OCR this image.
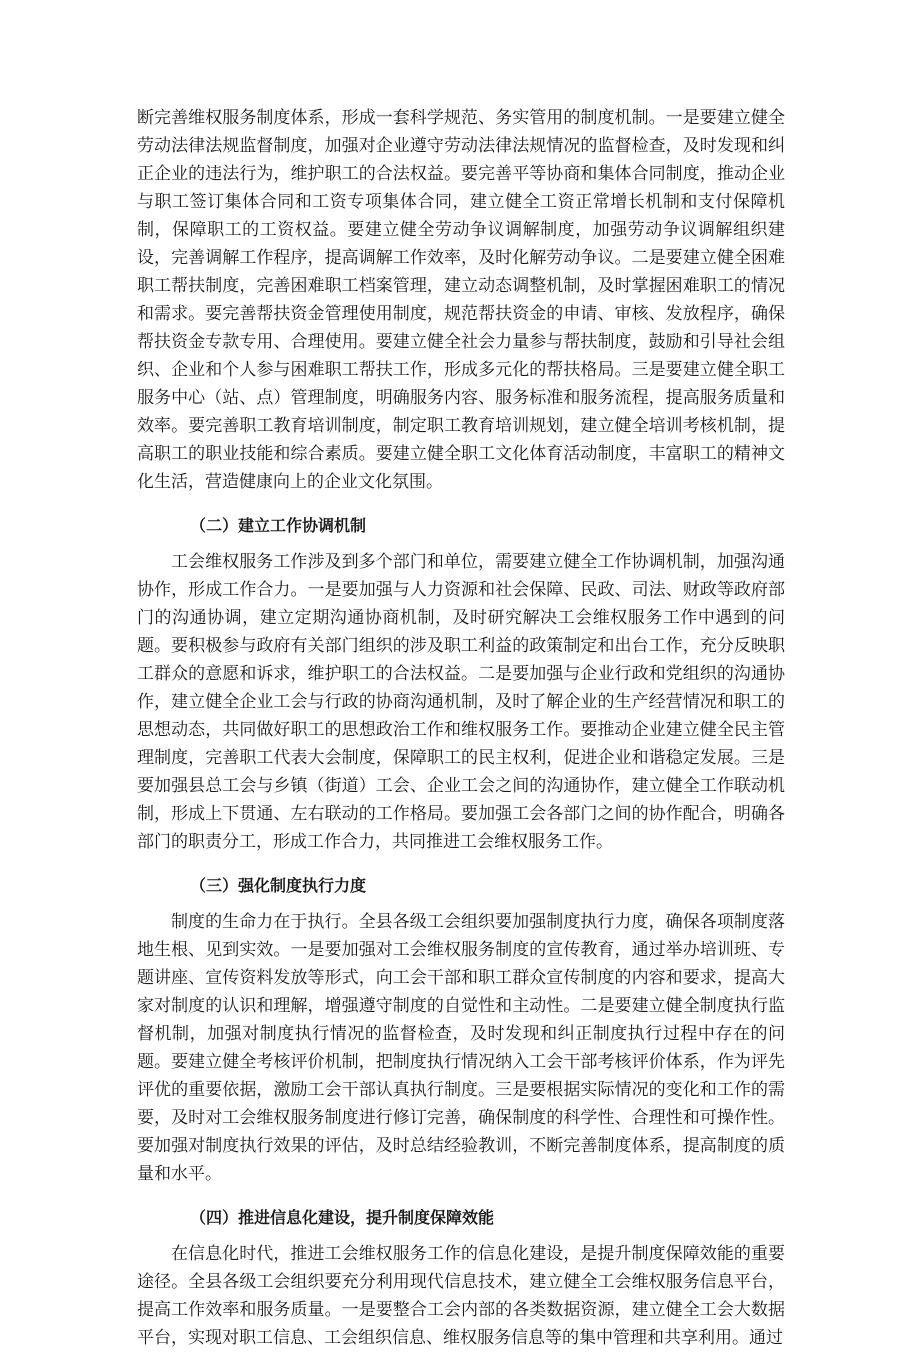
断完善维权服务制度体系，形成一套科学规范、务实管用的制度机制。一是要建立健全劳动法律法规监督制度，加强对企业遵守劳动法律法规情况的监督检查，及时发现和纠正企业的违法行为，维护职工的合法权益。要完善平等协商和集体合同制度，推动企业与职工签订集体合同和工资专项集体合同，建立健全工资正常增长机制和支付保障机制，保障职工的工资权益。要建立健全劳动争议调解制度，加强劳动争议调解组织建设，完善调解工作程序，提高调解工作效率，及时化解劳动争议。二是要建立健全困难职工帮扶制度，完善困难职工档案管理，建立动态调整机制，及时掌握困难职工的情况和需求。要完善帮扶资金管理使用制度，规范帮扶资金的申请、审核、发放程序，确保帮扶资金专款专用、合理使用。要建立健全社会力量参与帮扶制度，鼓励和引导社会组织、企业和个人参与困难职工帮扶工作，形成多元化的帮扶格局。三是要建立健全职工服务中心（站、点）管理制度，明确服务内容、服务标准和服务流程，提高服务质量和效率。要完善职工教育培训制度，制定职工教育培训规划，建立健全培训考核机制，提高职工的职业技能和综合素质。要建立健全职工文化体育活动制度，丰富职工的精神文化生活，营造健康向上的企业文化氛围。

（二）建立工作协调机制

工会维权服务工作涉及到多个部门和单位，需要建立健全工作协调机制，加强沟通协作，形成工作合力。一是要加强与人力资源和社会保障、民政、司法、财政等政府部门的沟通协调，建立定期沟通协商机制，及时研究解决工会维权服务工作中遇到的问题。要积极参与政府有关部门组织的涉及职工利益的政策制定和出台工作，充分反映职工群众的意愿和诉求，维护职工的合法权益。二是要加强与企业行政和党组织的沟通协作，建立健全企业工会与行政的协商沟通机制，及时了解企业的生产经营情况和职工的思想动态，共同做好职工的思想政治工作和维权服务工作。要推动企业建立健全民主管理制度，完善职工代表大会制度，保障职工的民主权利，促进企业和谐稳定发展。三是要加强县总工会与乡镇（街道）工会、企业工会之间的沟通协作，建立健全工作联动机制，形成上下贯通、左右联动的工作格局。要加强工会各部门之间的协作配合，明确各部门的职责分工，形成工作合力，共同推进工会维权服务工作。

（三）强化制度执行力度

制度的生命力在于执行。全县各级工会组织要加强制度执行力度，确保各项制度落地生根、见到实效。一是要加强对工会维权服务制度的宣传教育，通过举办培训班、专题讲座、宣传资料发放等形式，向工会干部和职工群众宣传制度的内容和要求，提高大家对制度的认识和理解，增强遵守制度的自觉性和主动性。二是要建立健全制度执行监督机制，加强对制度执行情况的监督检查，及时发现和纠正制度执行过程中存在的问题。要建立健全考核评价机制，把制度执行情况纳入工会干部考核评价体系，作为评先评优的重要依据，激励工会干部认真执行制度。三是要根据实际情况的变化和工作的需要，及时对工会维权服务制度进行修订完善，确保制度的科学性、合理性和可操作性。要加强对制度执行效果的评估，及时总结经验教训，不断完善制度体系，提高制度的质量和水平。

（四）推进信息化建设，提升制度保障效能

在信息化时代，推进工会维权服务工作的信息化建设，是提升制度保障效能的重要途径。全县各级工会组织要充分利用现代信息技术，建立健全工会维权服务信息平台，提高工作效率和服务质量。一是要整合工会内部的各类数据资源，建立健全工会大数据平台，实现对职工信息、工会组织信息、维权服务信息等的集中管理和共享利用。通过
